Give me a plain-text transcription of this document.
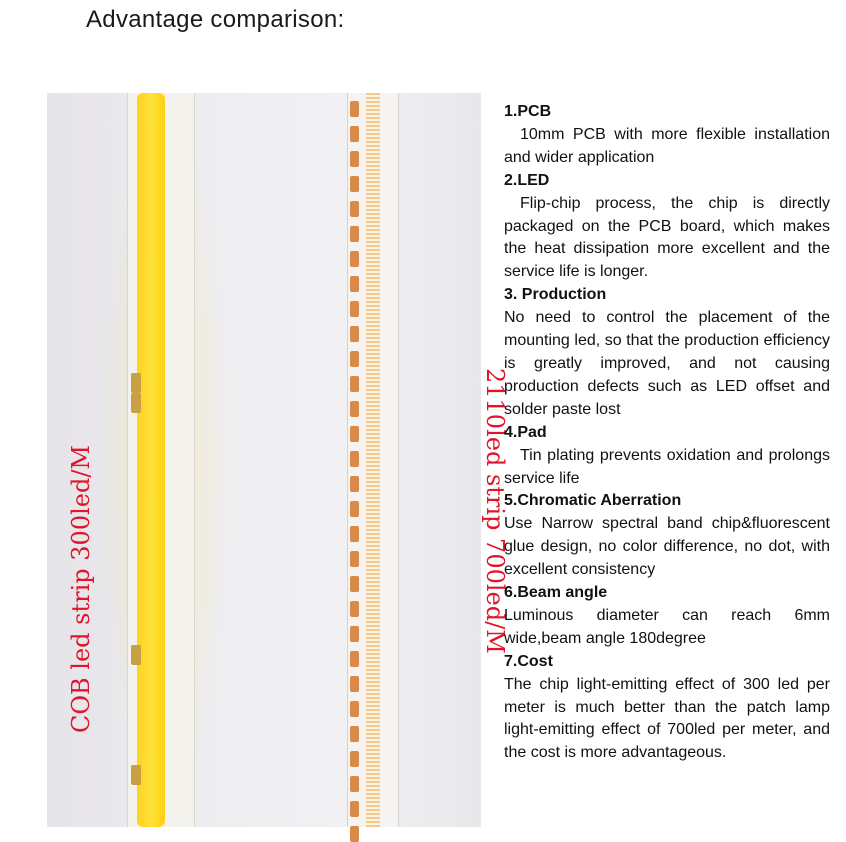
Advantage comparison:
COB led strip 300led/M	2110led strip 700led/M
1.PCB
10mm PCB with more flexible installation and wider application
2.LED
Flip-chip process, the chip is directly packaged on the PCB board, which makes the heat dissipation more excellent and the service life is longer.
3. Production
No need to control the placement of the mounting led, so that the production efficiency is greatly improved, and not causing production defects such as LED offset and solder paste lost
4.Pad
Tin plating prevents oxidation and prolongs service life
5.Chromatic Aberration
Use Narrow spectral band chip&fluorescent glue design, no color difference, no dot, with excellent consistency
6.Beam angle
Luminous diameter can reach 6mm wide,beam angle 180degree
7.Cost
The chip light-emitting effect of 300 led per meter is much better than the patch lamp light-emitting effect of 700led per meter, and the cost is more advantageous.
